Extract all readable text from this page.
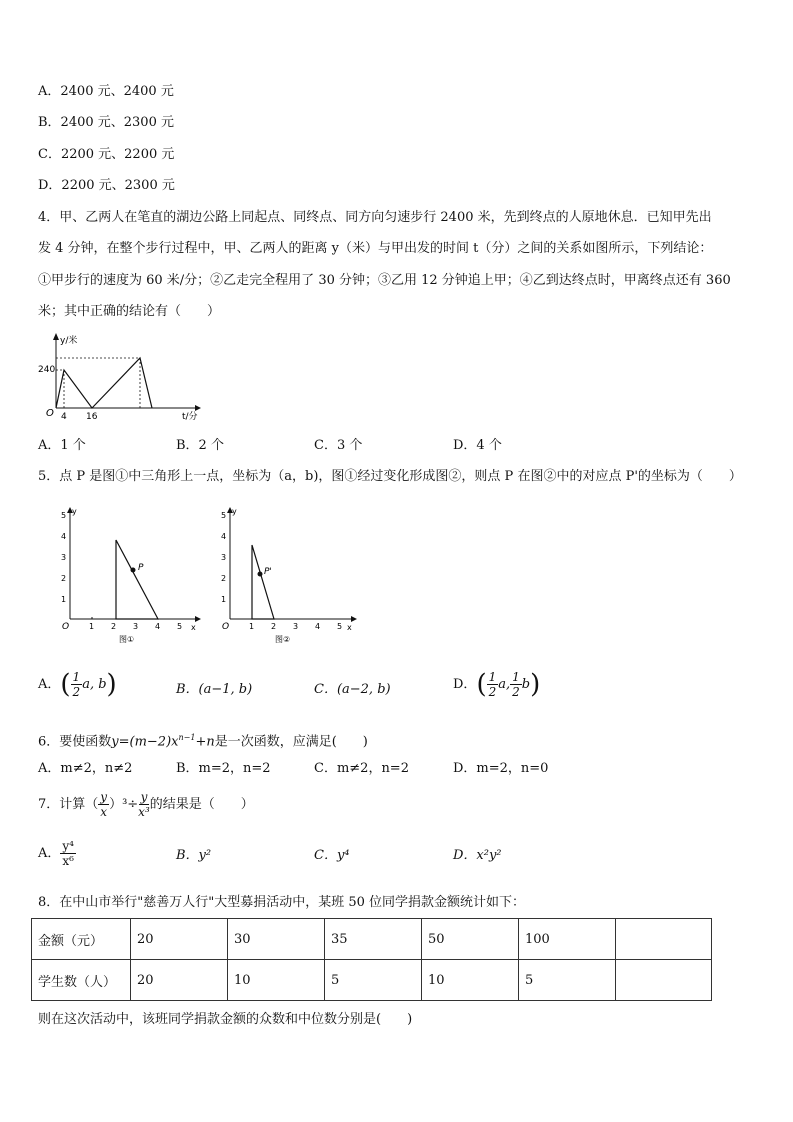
A．2400 元、2400 元
B．2400 元、2300 元
C．2200 元、2200 元
D．2200 元、2300 元
4．甲、乙两人在笔直的湖边公路上同起点、同终点、同方向匀速步行 2400 米，先到终点的人原地休息．已知甲先出
发 4 分钟，在整个步行过程中，甲、乙两人的距离 y（米）与甲出发的时间 t（分）之间的关系如图所示，下列结论：
①甲步行的速度为 60 米/分；②乙走完全程用了 30 分钟；③乙用 12 分钟追上甲；④乙到达终点时，甲离终点还有 360
米；其中正确的结论有（　　）
y/米
t/分
240
4 16
O
A．1 个	B．2 个	C．3 个	D．4 个
5．点 P 是图①中三角形上一点，坐标为（a，b)，图①经过变化形成图②，则点 P 在图②中的对应点 P'的坐标为（　　）
y
x
O 1 2 3 4 5
1
2
3
4
5
P
图①
y
x
O 1 2 3 4 5
1
2
3
4
5
P'
图②
A．( $\frac{1}{2} a$, b)	B．(a−1, b)	C．(a−2, b)	D．( $\frac{1}{2} a$, $\frac{1}{2} b$)
6．要使函数$y=(m-2)x^{n-1}+n$是一次函数，应满足(　　)
A．m≠2，n≠2	B．m=2，n=2	C．m≠2，n=2	D．m=2，n=0
7．计算（ $\frac{y}{x} )^3\div \frac{y}{\text{x³}}$ 的结果是（　　）
A． $\frac{\text{y⁴}}{\text{x⁶}}$	B．y²	C．y⁴	D．x²y²
8．在中山市举行"慈善万人行"大型募捐活动中，某班 50 位同学捐款金额统计如下：
金额（元）	20	30	35	50	100	
学生数（人）	20	10	5	10	5	
则在这次活动中，该班同学捐款金额的众数和中位数分别是(　　)
